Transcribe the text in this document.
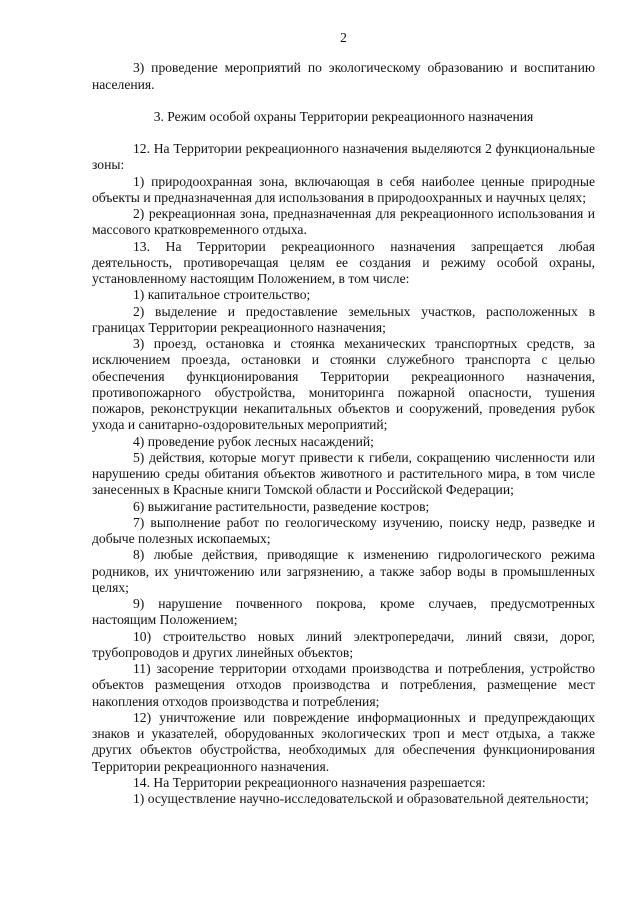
2

3) проведение мероприятий по экологическому образованию и воспитанию населения.

3. Режим особой охраны Территории рекреационного назначения

12. На Территории рекреационного назначения выделяются 2 функциональные зоны:

1) природоохранная зона, включающая в себя наиболее ценные природные объекты и предназначенная для использования в природоохранных и научных целях;

2) рекреационная зона, предназначенная для рекреационного использования и массового кратковременного отдыха.

13. На Территории рекреационного назначения запрещается любая деятельность, противоречащая целям ее создания и режиму особой охраны, установленному настоящим Положением, в том числе:

1) капитальное строительство;

2) выделение и предоставление земельных участков, расположенных в границах Территории рекреационного назначения;

3) проезд, остановка и стоянка механических транспортных средств, за исключением проезда, остановки и стоянки служебного транспорта с целью обеспечения функционирования Территории рекреационного назначения, противопожарного обустройства, мониторинга пожарной опасности, тушения пожаров, реконструкции некапитальных объектов и сооружений, проведения рубок ухода и санитарно-оздоровительных мероприятий;

4) проведение рубок лесных насаждений;

5) действия, которые могут привести к гибели, сокращению численности или нарушению среды обитания объектов животного и растительного мира, в том числе занесенных в Красные книги Томской области и Российской Федерации;

6) выжигание растительности, разведение костров;

7) выполнение работ по геологическому изучению, поиску недр, разведке и добыче полезных ископаемых;

8) любые действия, приводящие к изменению гидрологического режима родников, их уничтожению или загрязнению, а также забор воды в промышленных целях;

9) нарушение почвенного покрова, кроме случаев, предусмотренных настоящим Положением;

10) строительство новых линий электропередачи, линий связи, дорог, трубопроводов и других линейных объектов;

11) засорение территории отходами производства и потребления, устройство объектов размещения отходов производства и потребления, размещение мест накопления отходов производства и потребления;

12) уничтожение или повреждение информационных и предупреждающих знаков и указателей, оборудованных экологических троп и мест отдыха, а также других объектов обустройства, необходимых для обеспечения функционирования Территории рекреационного назначения.

14. На Территории рекреационного назначения разрешается:

1) осуществление научно-исследовательской и образовательной деятельности;
